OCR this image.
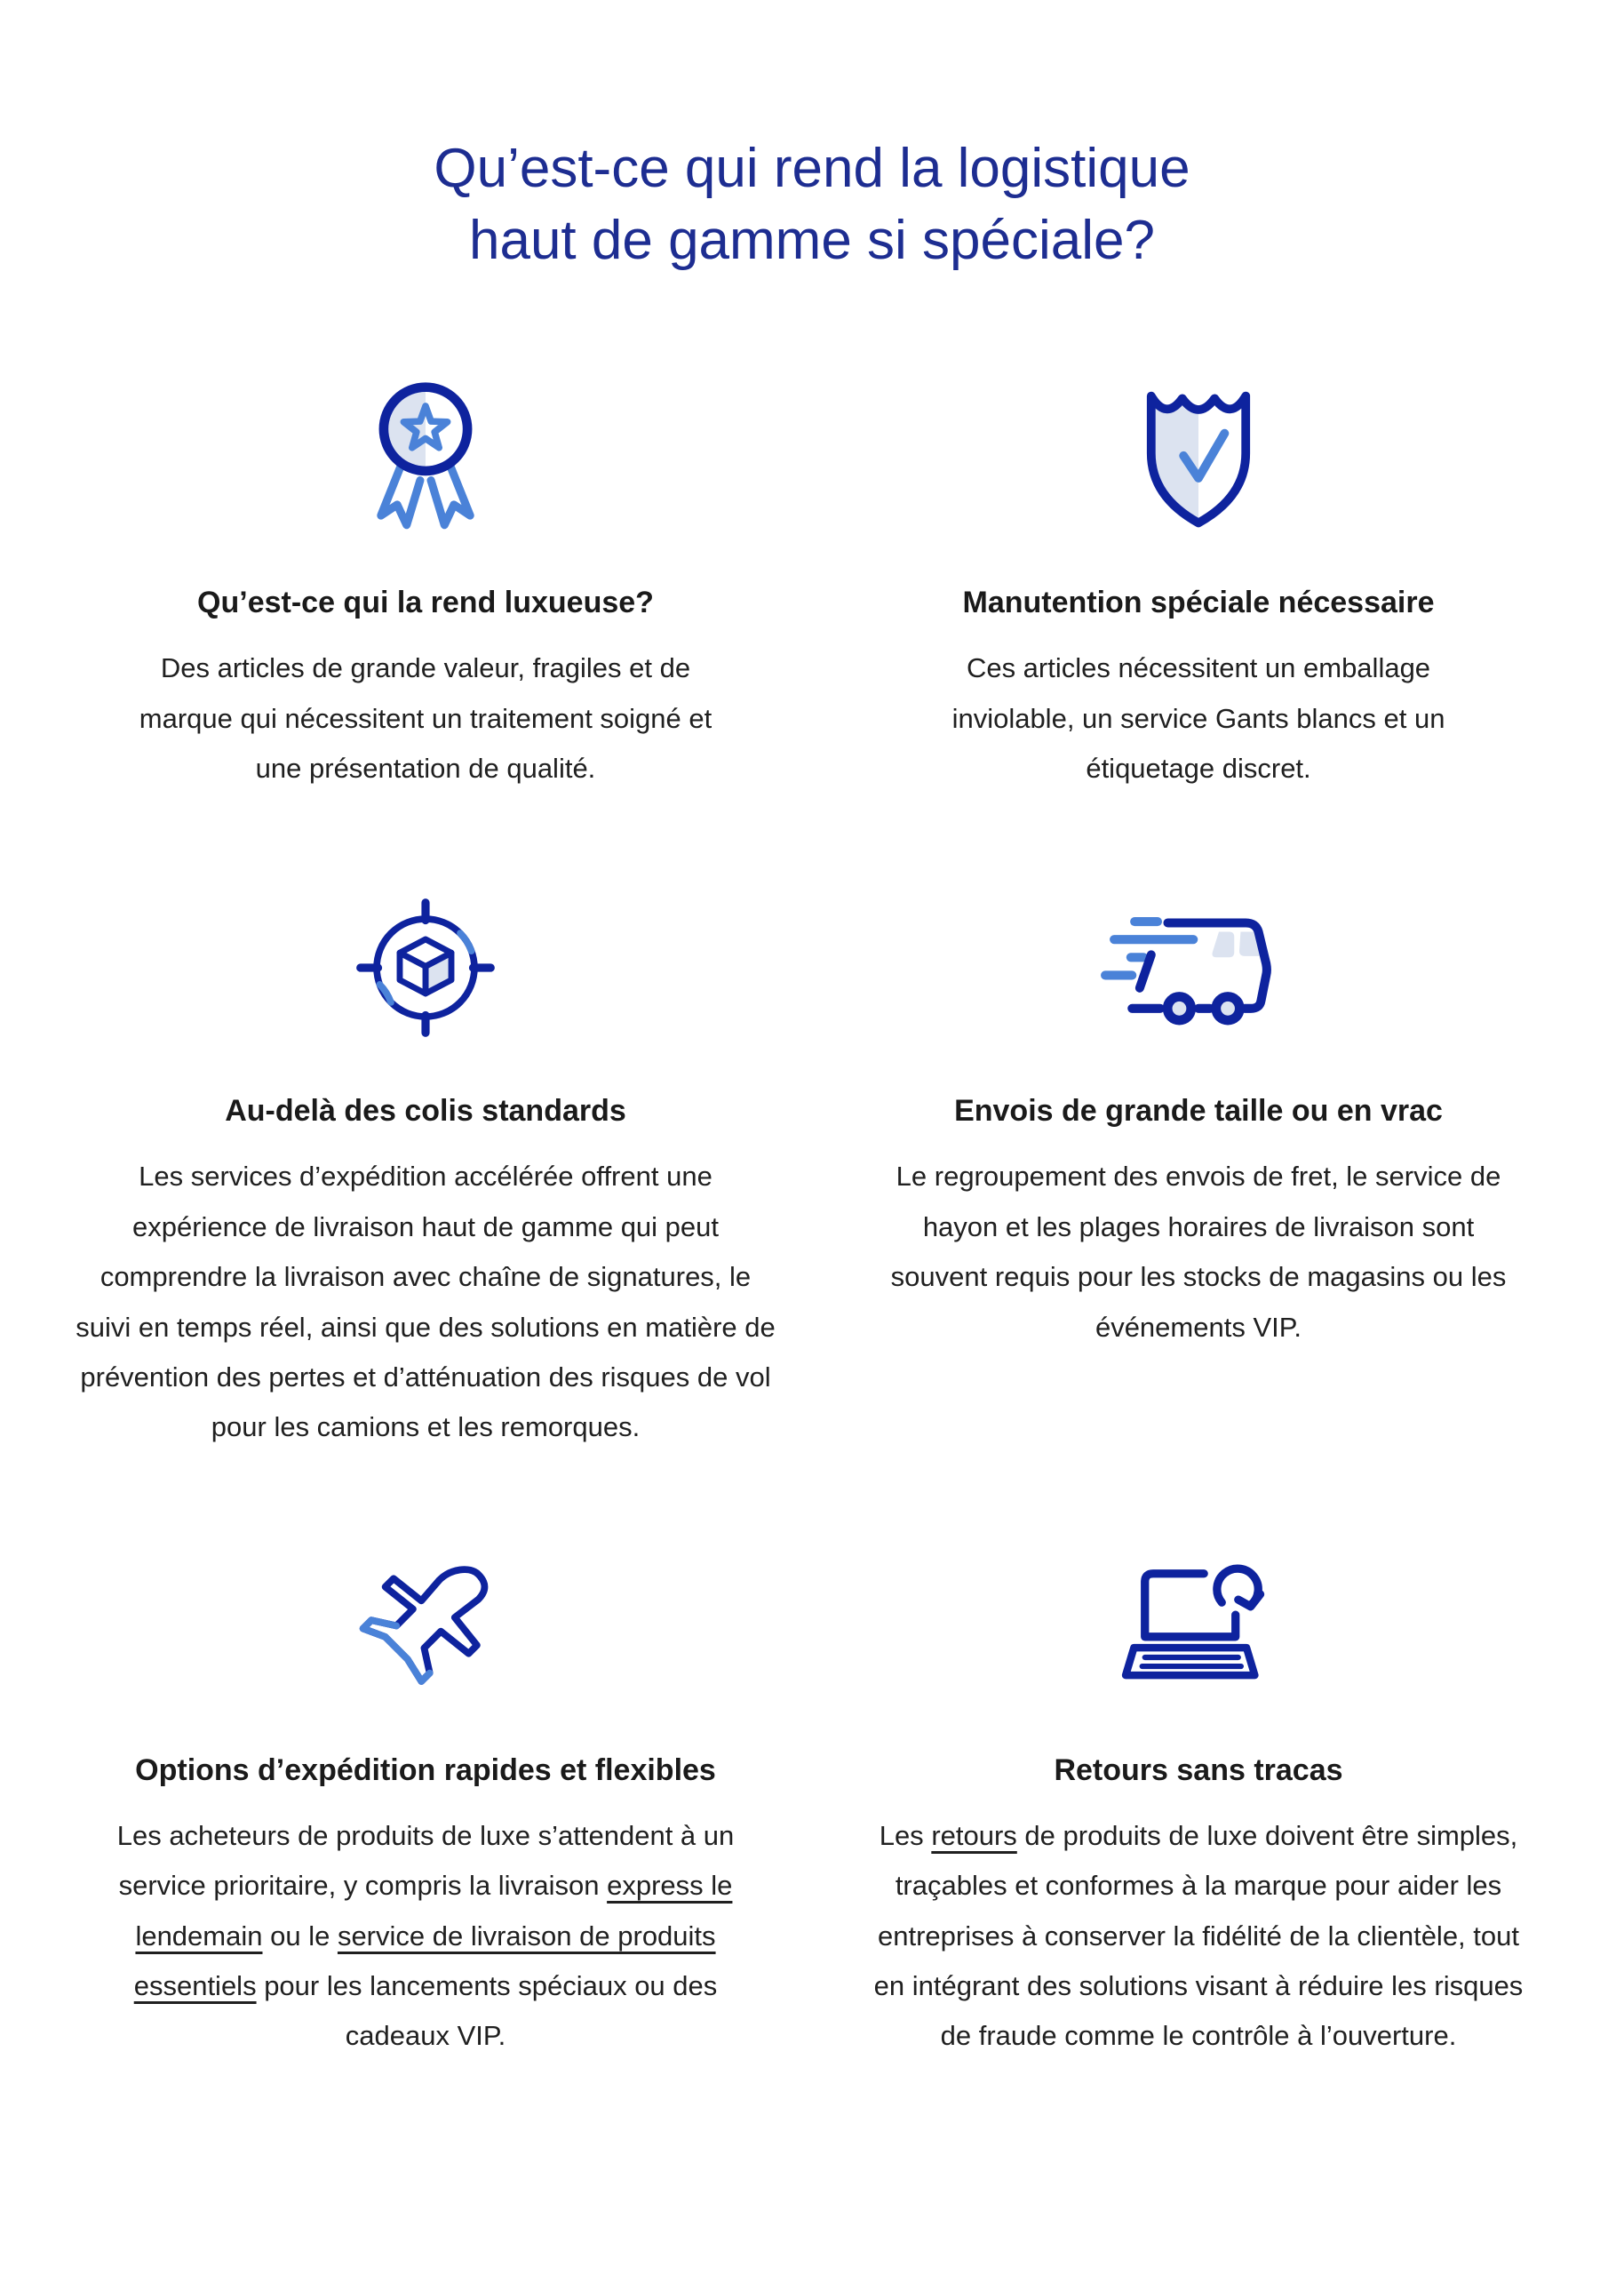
Qu’est-ce qui rend la logistique
haut de gamme si spéciale?
Qu’est-ce qui la rend luxueuse?

Des articles de grande valeur, fragiles et de marque qui nécessitent un traitement soigné et une présentation de qualité.

Manutention spéciale nécessaire

Ces articles nécessitent un emballage inviolable, un service Gants blancs et un étiquetage discret.

Au-delà des colis standards

Les services d’expédition accélérée offrent une expérience de livraison haut de gamme qui peut comprendre la livraison avec chaîne de signatures, le suivi en temps réel, ainsi que des solutions en matière de prévention des pertes et d’atténuation des risques de vol pour les camions et les remorques.

Envois de grande taille ou en vrac

Le regroupement des envois de fret, le service de hayon et les plages horaires de livraison sont souvent requis pour les stocks de magasins ou les événements VIP.

Options d’expédition rapides et flexibles

Les acheteurs de produits de luxe s’attendent à un service prioritaire, y compris la livraison express le lendemain ou le service de livraison de produits essentiels pour les lancements spéciaux ou des cadeaux VIP.

Retours sans tracas

Les retours de produits de luxe doivent être simples, traçables et conformes à la marque pour aider les entreprises à conserver la fidélité de la clientèle, tout en intégrant des solutions visant à réduire les risques de fraude comme le contrôle à l’ouverture.
